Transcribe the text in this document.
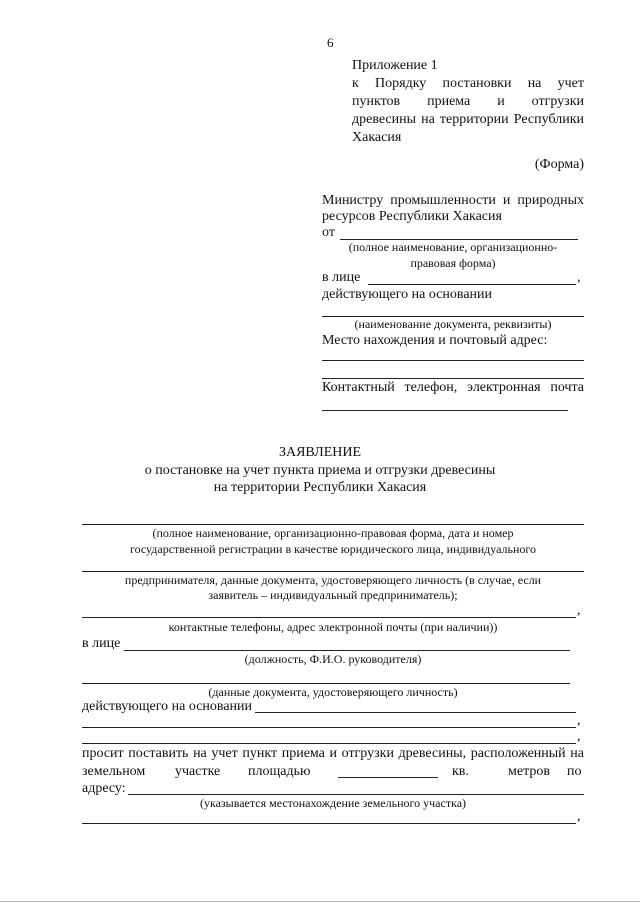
6
Приложение 1
к Порядку постановки на учет
пунктов приема и отгрузки
древесины на территории Республики
Хакасия
(Форма)
Министру промышленности и природных
ресурсов Республики Хакасия
от
(полное наименование, организационно-
правовая форма)
в лице	,
действующего на основании
(наименование документа, реквизиты)
Место нахождения и почтовый адрес:
Контактный телефон, электронная почта
ЗАЯВЛЕНИЕ
о постановке на учет пункта приема и отгрузки древесины
на территории Республики Хакасия
(полное наименование, организационно-правовая форма, дата и номер
государственной регистрации в качестве юридического лица, индивидуального
предпринимателя, данные документа, удостоверяющего личность (в случае, если
заявитель – индивидуальный предприниматель);
,
контактные телефоны, адрес электронной почты (при наличии))
в лице
(должность, Ф.И.О. руководителя)
(данные документа, удостоверяющего личность)
действующего на основании
,
,
просит поставить на учет пункт приема и отгрузки древесины, расположенный на
земельном участке площадью	кв.	метров по
адресу:
(указывается местонахождение земельного участка)
,
